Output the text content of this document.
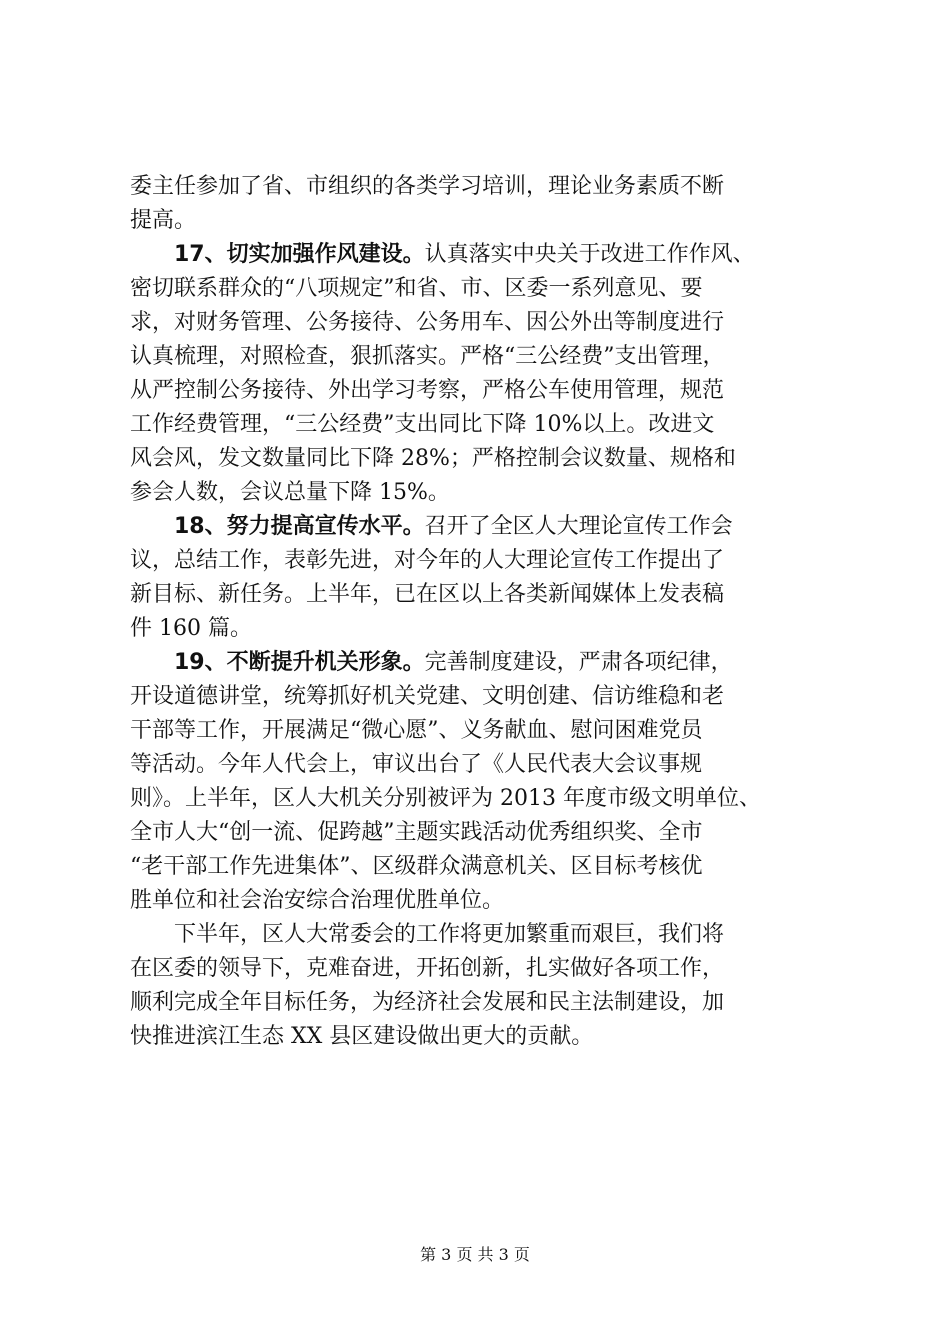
委主任参加了省、市组织的各类学习培训，理论业务素质不断
提高。
17、切实加强作风建设。认真落实中央关于改进工作作风、
密切联系群众的“八项规定”和省、市、区委一系列意见、要
求，对财务管理、公务接待、公务用车、因公外出等制度进行
认真梳理，对照检查，狠抓落实。严格“三公经费”支出管理，
从严控制公务接待、外出学习考察，严格公车使用管理，规范
工作经费管理，“三公经费”支出同比下降 10%以上。改进文
风会风，发文数量同比下降 28%；严格控制会议数量、规格和
参会人数，会议总量下降 15%。
18、努力提高宣传水平。召开了全区人大理论宣传工作会
议，总结工作，表彰先进，对今年的人大理论宣传工作提出了
新目标、新任务。上半年，已在区以上各类新闻媒体上发表稿
件 160 篇。
19、不断提升机关形象。完善制度建设，严肃各项纪律，
开设道德讲堂，统筹抓好机关党建、文明创建、信访维稳和老
干部等工作，开展满足“微心愿”、义务献血、慰问困难党员
等活动。今年人代会上，审议出台了《人民代表大会议事规
则》。上半年，区人大机关分别被评为 2013 年度市级文明单位、
全市人大“创一流、促跨越”主题实践活动优秀组织奖、全市
“老干部工作先进集体”、区级群众满意机关、区目标考核优
胜单位和社会治安综合治理优胜单位。
下半年，区人大常委会的工作将更加繁重而艰巨，我们将
在区委的领导下，克难奋进，开拓创新，扎实做好各项工作，
顺利完成全年目标任务，为经济社会发展和民主法制建设，加
快推进滨江生态 XX 县区建设做出更大的贡献。
第 3 页 共 3 页
